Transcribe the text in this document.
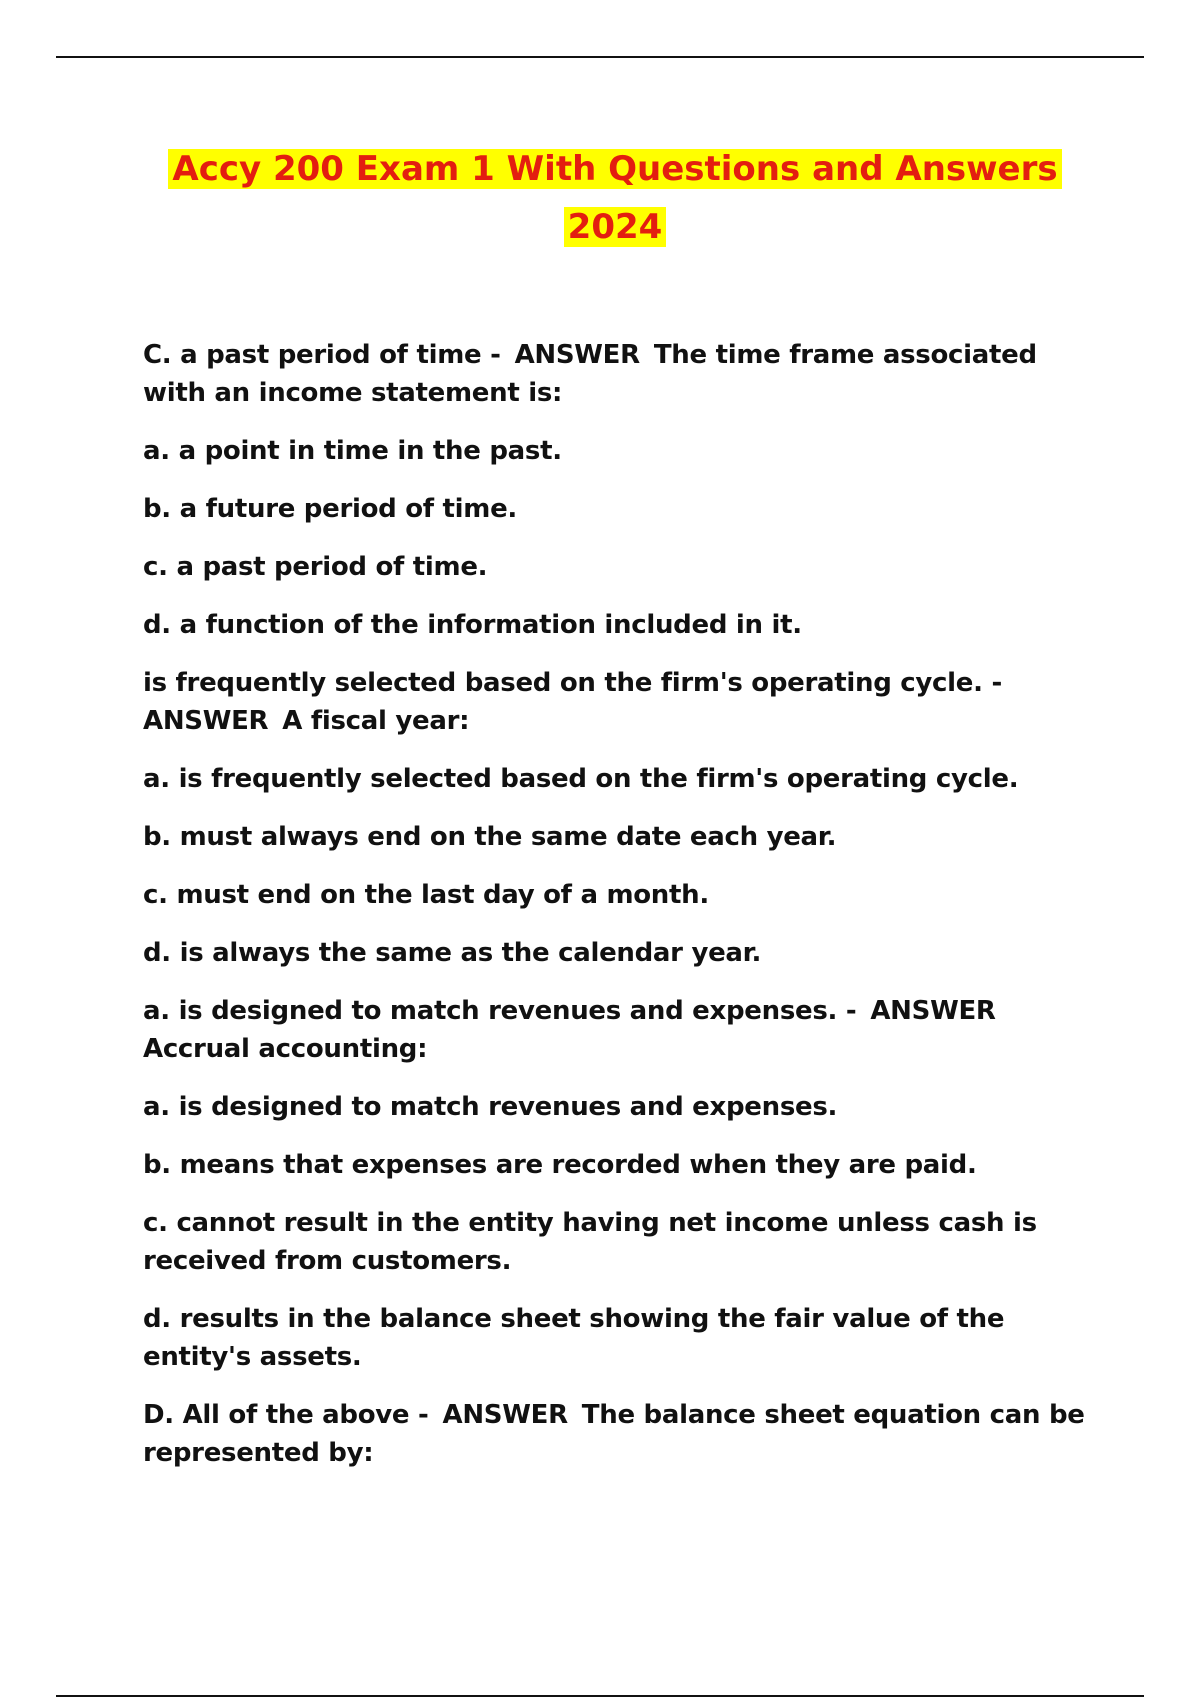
Accy 200 Exam 1 With Questions and Answers 2024

C. a past period of time - ANSWER The time frame associated with an income statement is:

a. a point in time in the past.

b. a future period of time.

c. a past period of time.

d. a function of the information included in it.

is frequently selected based on the firm's operating cycle. - ANSWER A fiscal year:

a. is frequently selected based on the firm's operating cycle.

b. must always end on the same date each year.

c. must end on the last day of a month.

d. is always the same as the calendar year.

a. is designed to match revenues and expenses. - ANSWER Accrual accounting:

a. is designed to match revenues and expenses.

b. means that expenses are recorded when they are paid.

c. cannot result in the entity having net income unless cash is received from customers.

d. results in the balance sheet showing the fair value of the entity's assets.

D. All of the above - ANSWER The balance sheet equation can be represented by:
